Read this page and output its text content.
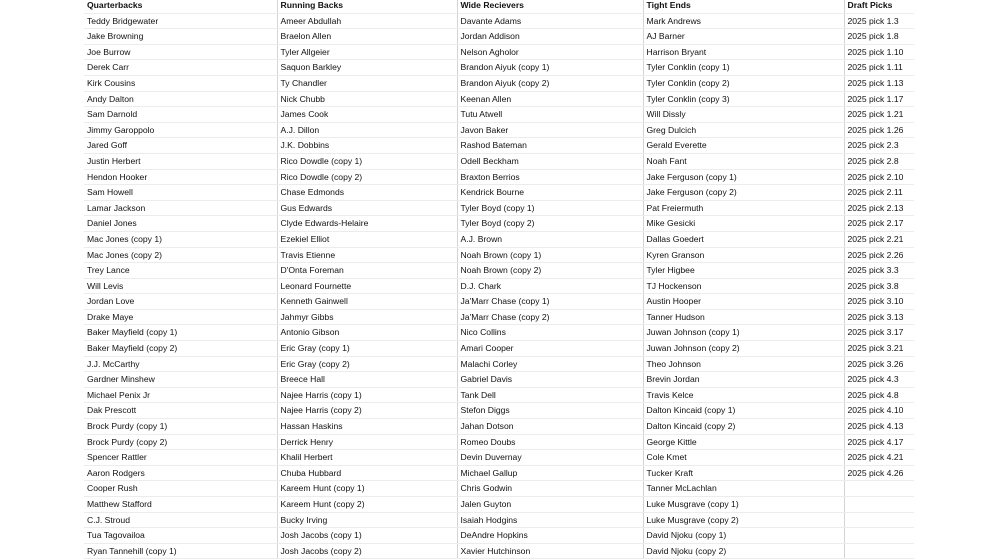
Quarterbacks	Running Backs	Wide Recievers	Tight Ends	Draft Picks
Teddy Bridgewater	Ameer Abdullah	Davante Adams	Mark Andrews	2025 pick 1.3
Jake Browning	Braelon Allen	Jordan Addison	AJ Barner	2025 pick 1.8
Joe Burrow	Tyler Allgeier	Nelson Agholor	Harrison Bryant	2025 pick 1.10
Derek Carr	Saquon Barkley	Brandon Aiyuk (copy 1)	Tyler Conklin (copy 1)	2025 pick 1.11
Kirk Cousins	Ty Chandler	Brandon Aiyuk (copy 2)	Tyler Conklin (copy 2)	2025 pick 1.13
Andy Dalton	Nick Chubb	Keenan Allen	Tyler Conklin (copy 3)	2025 pick 1.17
Sam Darnold	James Cook	Tutu Atwell	Will Dissly	2025 pick 1.21
Jimmy Garoppolo	A.J. Dillon	Javon Baker	Greg Dulcich	2025 pick 1.26
Jared Goff	J.K. Dobbins	Rashod Bateman	Gerald Everette	2025 pick 2.3
Justin Herbert	Rico Dowdle (copy 1)	Odell Beckham	Noah Fant	2025 pick 2.8
Hendon Hooker	Rico Dowdle (copy 2)	Braxton Berrios	Jake Ferguson (copy 1)	2025 pick 2.10
Sam Howell	Chase Edmonds	Kendrick Bourne	Jake Ferguson (copy 2)	2025 pick 2.11
Lamar Jackson	Gus Edwards	Tyler Boyd (copy 1)	Pat Freiermuth	2025 pick 2.13
Daniel Jones	Clyde Edwards-Helaire	Tyler Boyd (copy 2)	Mike Gesicki	2025 pick 2.17
Mac Jones (copy 1)	Ezekiel Elliot	A.J. Brown	Dallas Goedert	2025 pick 2.21
Mac Jones (copy 2)	Travis Etienne	Noah Brown (copy 1)	Kyren Granson	2025 pick 2.26
Trey Lance	D'Onta Foreman	Noah Brown (copy 2)	Tyler Higbee	2025 pick 3.3
Will Levis	Leonard Fournette	D.J. Chark	TJ Hockenson	2025 pick 3.8
Jordan Love	Kenneth Gainwell	Ja'Marr Chase (copy 1)	Austin Hooper	2025 pick 3.10
Drake Maye	Jahmyr Gibbs	Ja'Marr Chase (copy 2)	Tanner Hudson	2025 pick 3.13
Baker Mayfield (copy 1)	Antonio Gibson	Nico Collins	Juwan Johnson (copy 1)	2025 pick 3.17
Baker Mayfield (copy 2)	Eric Gray (copy 1)	Amari Cooper	Juwan Johnson (copy 2)	2025 pick 3.21
J.J. McCarthy	Eric Gray (copy 2)	Malachi Corley	Theo Johnson	2025 pick 3.26
Gardner Minshew	Breece Hall	Gabriel Davis	Brevin Jordan	2025 pick 4.3
Michael Penix Jr	Najee Harris (copy 1)	Tank Dell	Travis Kelce	2025 pick 4.8
Dak Prescott	Najee Harris (copy 2)	Stefon Diggs	Dalton Kincaid (copy 1)	2025 pick 4.10
Brock Purdy (copy 1)	Hassan Haskins	Jahan Dotson	Dalton Kincaid (copy 2)	2025 pick 4.13
Brock Purdy (copy 2)	Derrick Henry	Romeo Doubs	George Kittle	2025 pick 4.17
Spencer Rattler	Khalil Herbert	Devin Duvernay	Cole Kmet	2025 pick 4.21
Aaron Rodgers	Chuba Hubbard	Michael Gallup	Tucker Kraft	2025 pick 4.26
Cooper Rush	Kareem Hunt (copy 1)	Chris Godwin	Tanner McLachlan	
Matthew Stafford	Kareem Hunt (copy 2)	Jalen Guyton	Luke Musgrave (copy 1)	
C.J. Stroud	Bucky Irving	Isaiah Hodgins	Luke Musgrave (copy 2)	
Tua Tagovailoa	Josh Jacobs (copy 1)	DeAndre Hopkins	David Njoku (copy 1)	
Ryan Tannehill (copy 1)	Josh Jacobs (copy 2)	Xavier Hutchinson	David Njoku (copy 2)	
